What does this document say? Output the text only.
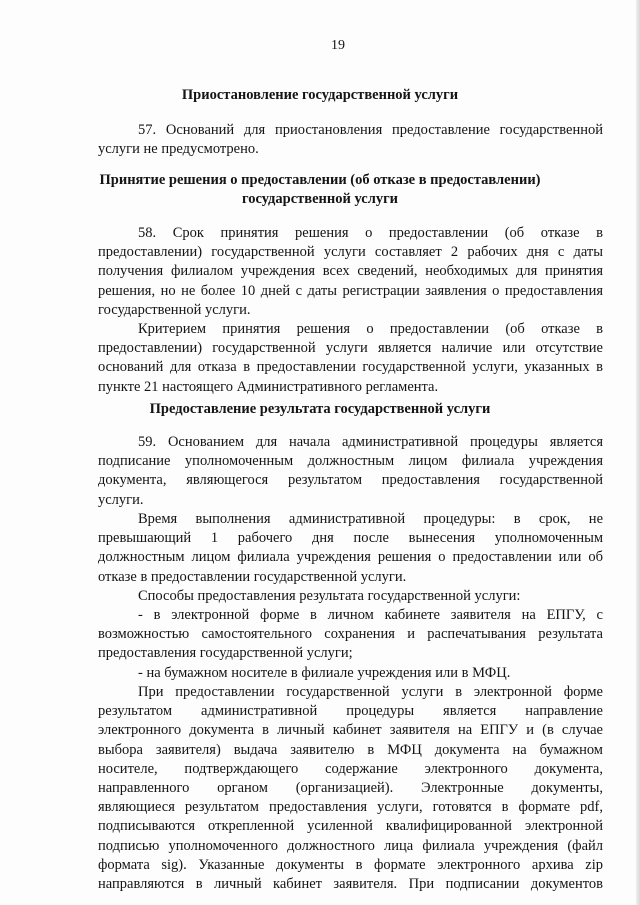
19
Приостановление государственной услуги
57. Оснований для приостановления предоставление государственной
услуги не предусмотрено.
Принятие решения о предоставлении (об отказе в предоставлении)
государственной услуги
58. Срок принятия решения о предоставлении (об отказе в
предоставлении) государственной услуги составляет 2 рабочих дня с даты
получения филиалом учреждения всех сведений, необходимых для принятия
решения, но не более 10 дней с даты регистрации заявления о предоставления
государственной услуги.
Критерием принятия решения о предоставлении (об отказе в
предоставлении) государственной услуги является наличие или отсутствие
оснований для отказа в предоставлении государственной услуги, указанных в
пункте 21 настоящего Административного регламента.
Предоставление результата государственной услуги
59. Основанием для начала административной процедуры является
подписание уполномоченным должностным лицом филиала учреждения
документа, являющегося результатом предоставления государственной
услуги.
Время выполнения административной процедуры: в срок, не
превышающий 1 рабочего дня после вынесения уполномоченным
должностным лицом филиала учреждения решения о предоставлении или об
отказе в предоставлении государственной услуги.
Способы предоставления результата государственной услуги:
- в электронной форме в личном кабинете заявителя на ЕПГУ, с
возможностью самостоятельного сохранения и распечатывания результата
предоставления государственной услуги;
- на бумажном носителе в филиале учреждения или в МФЦ.
При предоставлении государственной услуги в электронной форме
результатом административной процедуры является направление
электронного документа в личный кабинет заявителя на ЕПГУ и (в случае
выбора заявителя) выдача заявителю в МФЦ документа на бумажном
носителе, подтверждающего содержание электронного документа,
направленного органом (организацией). Электронные документы,
являющиеся результатом предоставления услуги, готовятся в формате pdf,
подписываются открепленной усиленной квалифицированной электронной
подписью уполномоченного должностного лица филиала учреждения (файл
формата sig). Указанные документы в формате электронного архива zip
направляются в личный кабинет заявителя. При подписании документов
